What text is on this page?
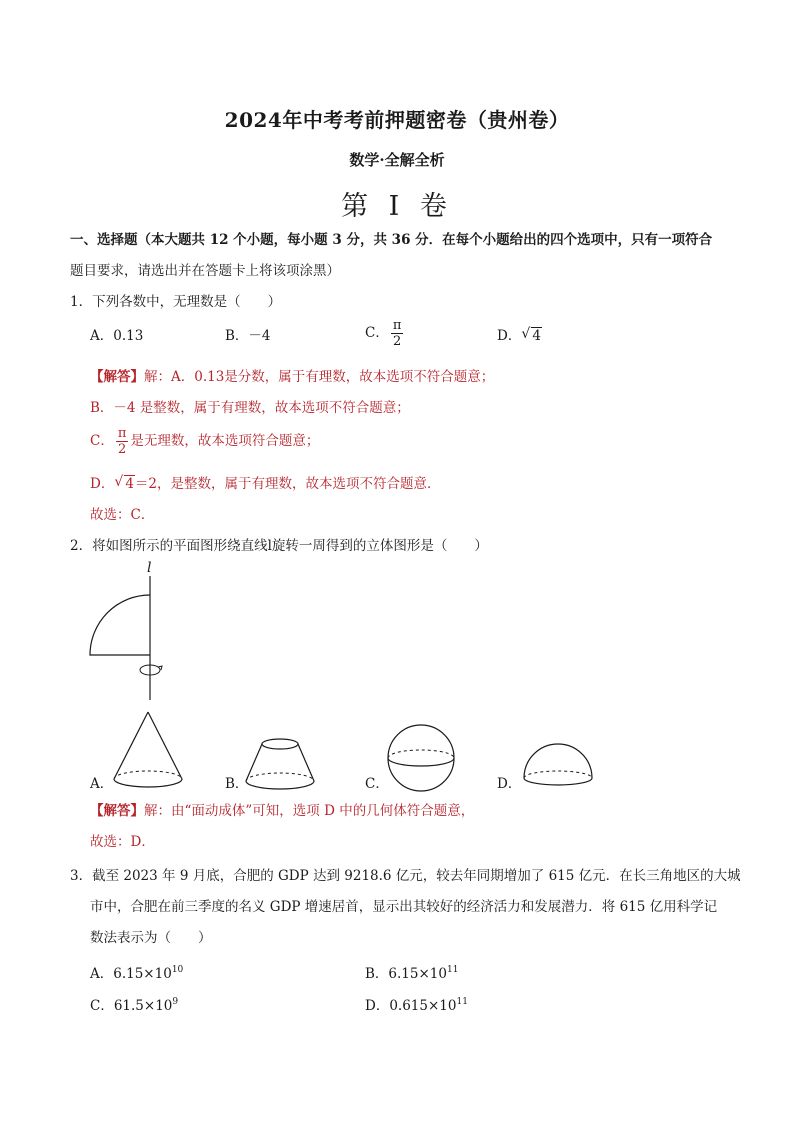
2024年中考考前押题密卷（贵州卷）
数学·全解全析
第 I 卷
一、选择题（本大题共 12 个小题，每小题 3 分，共 36 分．在每个小题给出的四个选项中，只有一项符合
题目要求，请选出并在答题卡上将该项涂黑）
1．下列各数中，无理数是（　　）
A．0.13	B．－4	C． $\frac{\pi}{2}$	D． √ 4
【解答】解：A．0.13是分数，属于有理数，故本选项不符合题意；
B．－4 是整数，属于有理数，故本选项不符合题意；
C． $\frac{\pi}{2}$ 是无理数，故本选项符合题意；
D． √ 4＝2，是整数，属于有理数，故本选项不符合题意．
故选：C．
2．将如图所示的平面图形绕直线l旋转一周得到的立体图形是（　　）
l
A．	B．	C．	D．
【解答】解：由“面动成体”可知，选项 D 中的几何体符合题意，
故选：D．
3．截至 2023 年 9 月底，合肥的 GDP 达到 9218.6 亿元，较去年同期增加了 615 亿元．在长三角地区的大城
市中，合肥在前三季度的名义 GDP 增速居首，显示出其较好的经济活力和发展潜力．将 615 亿用科学记
数法表示为（　　）
A．$6.15\times 10^{10}$	B．$6.15\times 10^{11}$
C．$61.5\times 10^9$	D．$0.615\times 10^{11}$
